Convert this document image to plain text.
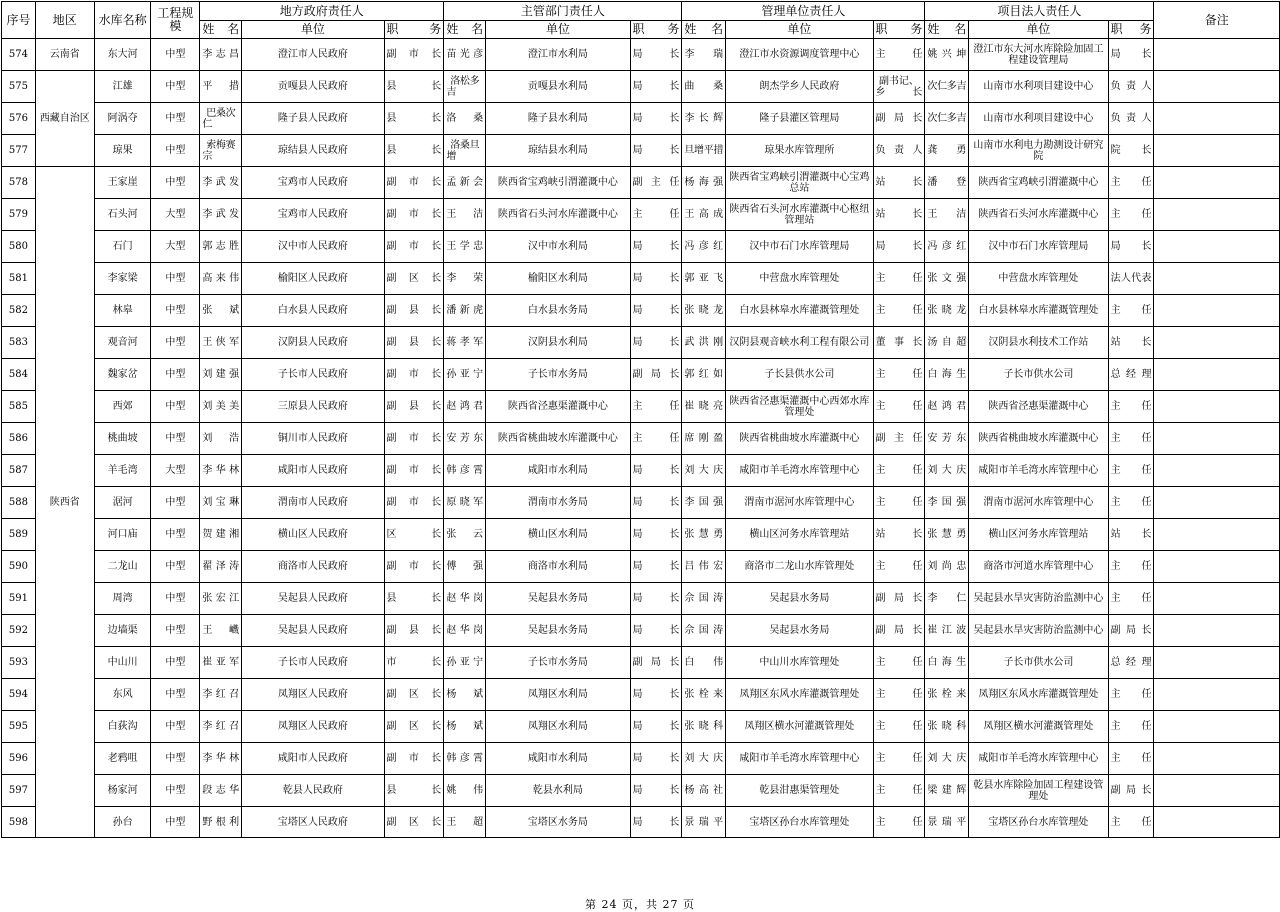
序号	地区	水库名称	工程规模	地方政府责任人			主管部门责任人			管理单位责任人			项目法人责任人			备注
				姓名	单位	职务	姓名	单位	职务	姓名	单位	职务	姓名	单位	职务	
574	云南省	东大河	中型	李志昌	澄江市人民政府	副市长	苗光彦	澄江市水利局	局长	李瑞	澄江市水资源调度管理中心	主任	姚兴坤	澄江市东大河水库除险加固工程建设管理局	局长	
575	西藏自治区	江雄	中型	平措	贡嘎县人民政府	县长	洛松多吉	贡嘎县水利局	局长	曲桑	朗杰学乡人民政府	副书记、乡长	次仁多吉	山南市水利项目建设中心	负责人	
576		阿涡夺	中型	巴桑次仁	隆子县人民政府	县长	洛桑	隆子县水利局	局长	李长辉	隆子县灌区管理局	副局长	次仁多吉	山南市水利项目建设中心	负责人	
577		琼果	中型	索梅赛宗	琼结县人民政府	县长	洛桑旦增	琼结县水利局	局长	旦增平措	琼果水库管理所	负责人	龚勇	山南市水利电力勘测设计研究院	院长	
578	陕西省	王家崖	中型	李武发	宝鸡市人民政府	副市长	孟新会	陕西省宝鸡峡引渭灌溉中心	副主任	杨海强	陕西省宝鸡峡引渭灌溉中心宝鸡总站	站长	潘登	陕西省宝鸡峡引渭灌溉中心	主任	
579		石头河	大型	李武发	宝鸡市人民政府	副市长	王洁	陕西省石头河水库灌溉中心	主任	王高成	陕西省石头河水库灌溉中心枢纽管理站	站长	王洁	陕西省石头河水库灌溉中心	主任	
580		石门	大型	郭志胜	汉中市人民政府	副市长	王学忠	汉中市水利局	局长	冯彦红	汉中市石门水库管理局	局长	冯彦红	汉中市石门水库管理局	局长	
581		李家梁	中型	高来伟	榆阳区人民政府	副区长	李荣	榆阳区水利局	局长	郭亚飞	中营盘水库管理处	主任	张文强	中营盘水库管理处	法人代表	
582		林皋	中型	张斌	白水县人民政府	副县长	潘新虎	白水县水务局	局长	张晓龙	白水县林皋水库灌溉管理处	主任	张晓龙	白水县林皋水库灌溉管理处	主任	
583		观音河	中型	王侠军	汉阴县人民政府	副县长	蒋孝军	汉阴县水利局	局长	武洪刚	汉阴县观音峡水利工程有限公司	董事长	汤自超	汉阴县水利技术工作站	站长	
584		魏家岔	中型	刘建强	子长市人民政府	副市长	孙亚宁	子长市水务局	副局长	郭红如	子长县供水公司	主任	白海生	子长市供水公司	总经理	
585		西郊	中型	刘美美	三原县人民政府	副县长	赵鸿君	陕西省泾惠渠灌溉中心	主任	崔晓亮	陕西省泾惠渠灌溉中心西郊水库管理处	主任	赵鸿君	陕西省泾惠渠灌溉中心	主任	
586		桃曲坡	中型	刘浩	铜川市人民政府	副市长	安芳东	陕西省桃曲坡水库灌溉中心	主任	席刚盈	陕西省桃曲坡水库灌溉中心	副主任	安芳东	陕西省桃曲坡水库灌溉中心	主任	
587		羊毛湾	大型	李华林	咸阳市人民政府	副市长	韩彦霄	咸阳市水利局	局长	刘大庆	咸阳市羊毛湾水库管理中心	主任	刘大庆	咸阳市羊毛湾水库管理中心	主任	
588		涺河	中型	刘宝琳	渭南市人民政府	副市长	原晓军	渭南市水务局	局长	李国强	渭南市涺河水库管理中心	主任	李国强	渭南市涺河水库管理中心	主任	
589		河口庙	中型	贺建湘	横山区人民政府	区长	张云	横山区水利局	局长	张慧勇	横山区河务水库管理站	站长	张慧勇	横山区河务水库管理站	站长	
590		二龙山	中型	翟泽涛	商洛市人民政府	副市长	傅强	商洛市水利局	局长	吕伟宏	商洛市二龙山水库管理处	主任	刘尚忠	商洛市河道水库管理中心	主任	
591		周湾	中型	张宏江	吴起县人民政府	县长	赵华岗	吴起县水务局	局长	佘国涛	吴起县水务局	副局长	李仁	吴起县水旱灾害防治监测中心	主任	
592		边墙渠	中型	王巇	吴起县人民政府	副县长	赵华岗	吴起县水务局	局长	佘国涛	吴起县水务局	副局长	崔江波	吴起县水旱灾害防治监测中心	副局长	
593		中山川	中型	崔亚军	子长市人民政府	市长	孙亚宁	子长市水务局	副局长	白伟	中山川水库管理处	主任	白海生	子长市供水公司	总经理	
594		东风	中型	李红召	凤翔区人民政府	副区长	杨斌	凤翔区水利局	局长	张栓来	凤翔区东风水库灌溉管理处	主任	张栓来	凤翔区东风水库灌溉管理处	主任	
595		白荻沟	中型	李红召	凤翔区人民政府	副区长	杨斌	凤翔区水利局	局长	张晓科	凤翔区横水河灌溉管理处	主任	张晓科	凤翔区横水河灌溉管理处	主任	
596		老鸦咀	中型	李华林	咸阳市人民政府	副市长	韩彦霄	咸阳市水利局	局长	刘大庆	咸阳市羊毛湾水库管理中心	主任	刘大庆	咸阳市羊毛湾水库管理中心	主任	
597		杨家河	中型	段志华	乾县人民政府	县长	姚伟	乾县水利局	局长	杨高社	乾县泔惠渠管理处	主任	梁建辉	乾县水库除险加固工程建设管理处	副局长	
598		孙台	中型	野根利	宝塔区人民政府	副区长	王超	宝塔区水务局	局长	景瑞平	宝塔区孙台水库管理处	主任	景瑞平	宝塔区孙台水库管理处	主任	
第 24 页，共 27 页
